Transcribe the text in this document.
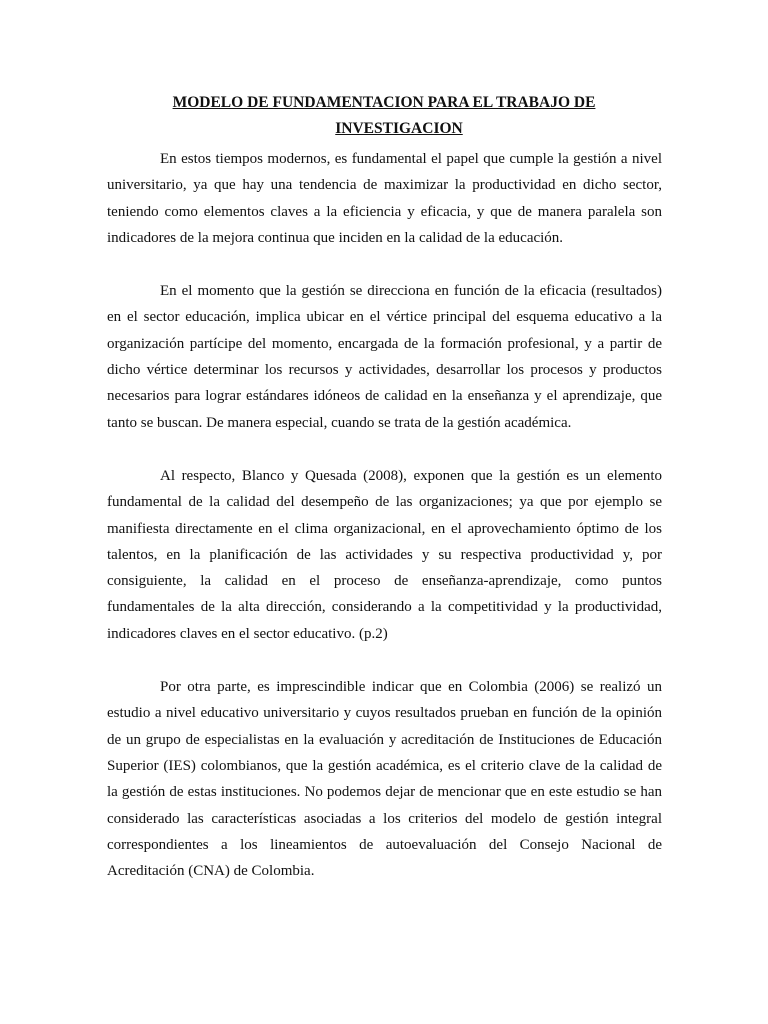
MODELO DE FUNDAMENTACION PARA EL TRABAJO DE
INVESTIGACION

En estos tiempos modernos, es fundamental el papel que cumple la gestión a nivel universitario, ya que hay una tendencia de maximizar la productividad en dicho sector, teniendo como elementos claves a la eficiencia y eficacia, y que de manera paralela son indicadores de la mejora continua que inciden en la calidad de la educación.

En el momento que la gestión se direcciona en función de la eficacia (resultados) en el sector educación, implica ubicar en el vértice principal del esquema educativo a la organización partícipe del momento, encargada de la formación profesional, y a partir de dicho vértice determinar los recursos y actividades, desarrollar los procesos y productos necesarios para lograr estándares idóneos de calidad en la enseñanza y el aprendizaje, que tanto se buscan. De manera especial, cuando se trata de la gestión académica.

Al respecto, Blanco y Quesada (2008), exponen que la gestión es un elemento fundamental de la calidad del desempeño de las organizaciones; ya que por ejemplo se manifiesta directamente en el clima organizacional, en el aprovechamiento óptimo de los talentos, en la planificación de las actividades y su respectiva productividad y, por consiguiente, la calidad en el proceso de enseñanza-aprendizaje, como puntos fundamentales de la alta dirección, considerando a la competitividad y la productividad, indicadores claves en el sector educativo. (p.2)

Por otra parte, es imprescindible indicar que en Colombia (2006) se realizó un estudio a nivel educativo universitario y cuyos resultados prueban en función de la opinión de un grupo de especialistas en la evaluación y acreditación de Instituciones de Educación Superior (IES) colombianos, que la gestión académica, es el criterio clave de la calidad de la gestión de estas instituciones. No podemos dejar de mencionar que en este estudio se han considerado las características asociadas a los criterios del modelo de gestión integral correspondientes a los lineamientos de autoevaluación del Consejo Nacional de Acreditación (CNA) de Colombia.
